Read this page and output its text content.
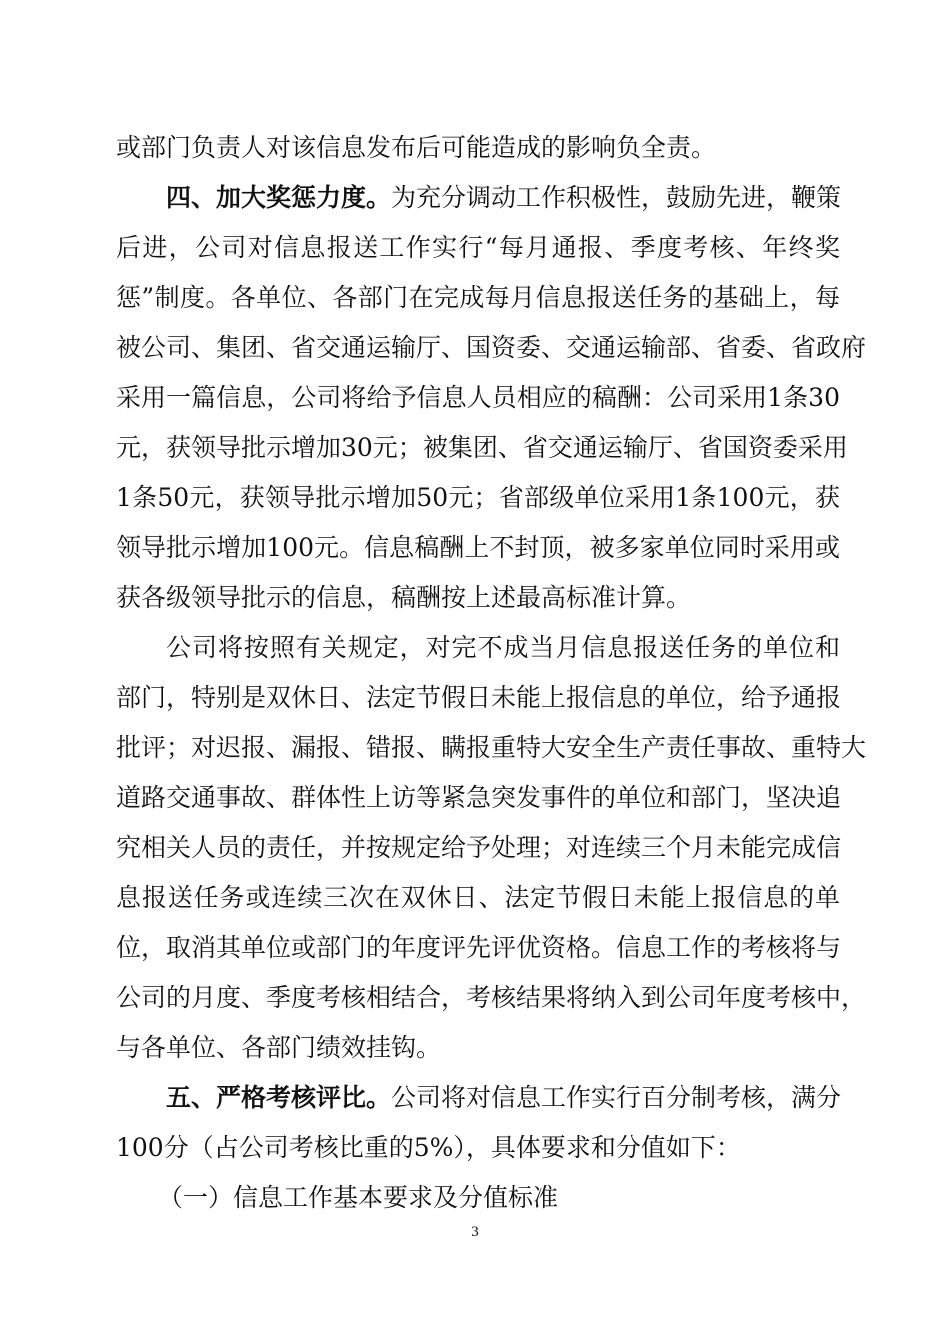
或部门负责人对该信息发布后可能造成的影响负全责。
四、加大奖惩力度。为充分调动工作积极性，鼓励先进，鞭策
后进，公司对信息报送工作实行“每月通报、季度考核、年终奖
惩”制度。各单位、各部门在完成每月信息报送任务的基础上，每
被公司、集团、省交通运输厅、国资委、交通运输部、省委、省政府
采用一篇信息，公司将给予信息人员相应的稿酬：公司采用1条30
元，获领导批示增加30元；被集团、省交通运输厅、省国资委采用
1条50元，获领导批示增加50元；省部级单位采用1条100元，获
领导批示增加100元。信息稿酬上不封顶，被多家单位同时采用或
获各级领导批示的信息，稿酬按上述最高标准计算。
公司将按照有关规定，对完不成当月信息报送任务的单位和
部门，特别是双休日、法定节假日未能上报信息的单位，给予通报
批评；对迟报、漏报、错报、瞒报重特大安全生产责任事故、重特大
道路交通事故、群体性上访等紧急突发事件的单位和部门，坚决追
究相关人员的责任，并按规定给予处理；对连续三个月未能完成信
息报送任务或连续三次在双休日、法定节假日未能上报信息的单
位，取消其单位或部门的年度评先评优资格。信息工作的考核将与
公司的月度、季度考核相结合，考核结果将纳入到公司年度考核中，
与各单位、各部门绩效挂钩。
五、严格考核评比。公司将对信息工作实行百分制考核，满分
100分（占公司考核比重的5%），具体要求和分值如下：
（一）信息工作基本要求及分值标准
3
